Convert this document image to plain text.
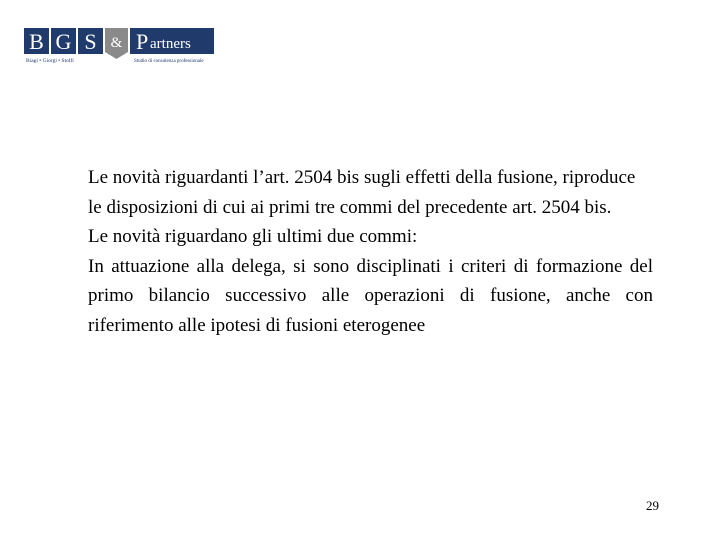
B G S & P artners
Biagi • Giorgi • Stolfi	Studio di consulenza professionale

Le novità riguardanti l’art. 2504 bis sugli effetti della fusione, riproduce le disposizioni di cui ai primi tre commi del precedente art. 2504 bis.

Le novità riguardano gli ultimi due commi:

In attuazione alla delega, si sono disciplinati i criteri di formazione del primo bilancio successivo alle operazioni di fusione, anche con riferimento alle ipotesi di fusioni eterogenee

29
